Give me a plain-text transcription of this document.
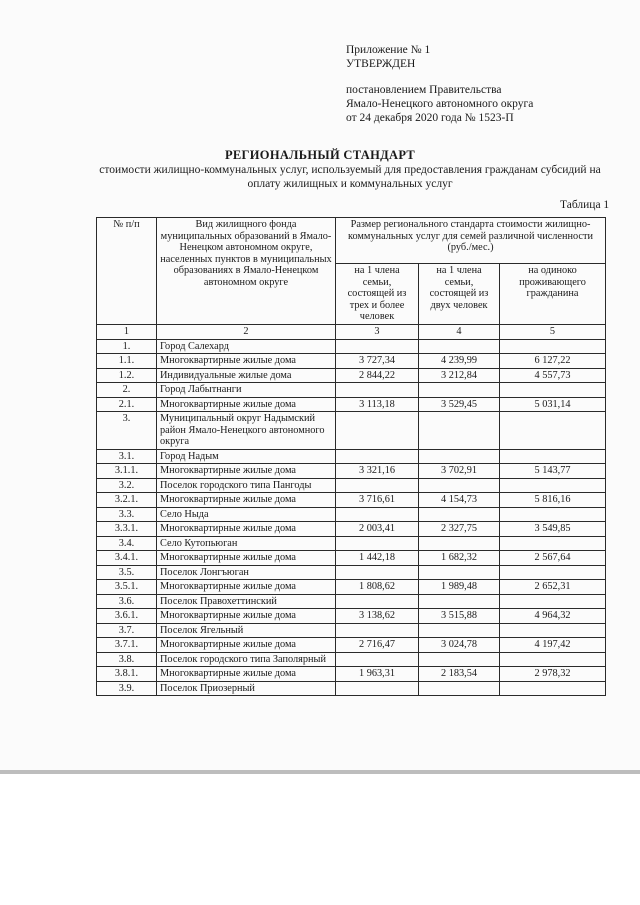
Приложение № 1
УТВЕРЖДЕН
постановлением Правительства
Ямало-Ненецкого автономного округа
от 24 декабря 2020 года № 1523-П
РЕГИОНАЛЬНЫЙ СТАНДАРТ
стоимости жилищно-коммунальных услуг, используемый для предоставления гражданам субсидий на оплату жилищных и коммунальных услуг
Таблица 1
№ п/п	Вид жилищного фонда муниципальных образований в Ямало-Ненецком автономном округе, населенных пунктов в муниципальных образованиях в Ямало-Ненецком автономном округе	Размер регионального стандарта стоимости жилищно-коммунальных услуг для семей различной численности (руб./мес.)		
		на 1 члена семьи, состоящей из трех и более человек	на 1 члена семьи, состоящей из двух человек	на одиноко проживающего гражданина
1	2	3	4	5
1.	Город Салехард			
1.1.	Многоквартирные жилые дома	3 727,34	4 239,99	6 127,22
1.2.	Индивидуальные жилые дома	2 844,22	3 212,84	4 557,73
2.	Город Лабытнанги			
2.1.	Многоквартирные жилые дома	3 113,18	3 529,45	5 031,14
3.	Муниципальный округ Надымский район Ямало-Ненецкого автономного округа			
3.1.	Город Надым			
3.1.1.	Многоквартирные жилые дома	3 321,16	3 702,91	5 143,77
3.2.	Поселок городского типа Пангоды			
3.2.1.	Многоквартирные жилые дома	3 716,61	4 154,73	5 816,16
3.3.	Село Ныда			
3.3.1.	Многоквартирные жилые дома	2 003,41	2 327,75	3 549,85
3.4.	Село Кутопьюган			
3.4.1.	Многоквартирные жилые дома	1 442,18	1 682,32	2 567,64
3.5.	Поселок Лонгъюган			
3.5.1.	Многоквартирные жилые дома	1 808,62	1 989,48	2 652,31
3.6.	Поселок Правохеттинский			
3.6.1.	Многоквартирные жилые дома	3 138,62	3 515,88	4 964,32
3.7.	Поселок Ягельный			
3.7.1.	Многоквартирные жилые дома	2 716,47	3 024,78	4 197,42
3.8.	Поселок городского типа Заполярный			
3.8.1.	Многоквартирные жилые дома	1 963,31	2 183,54	2 978,32
3.9.	Поселок Приозерный			
